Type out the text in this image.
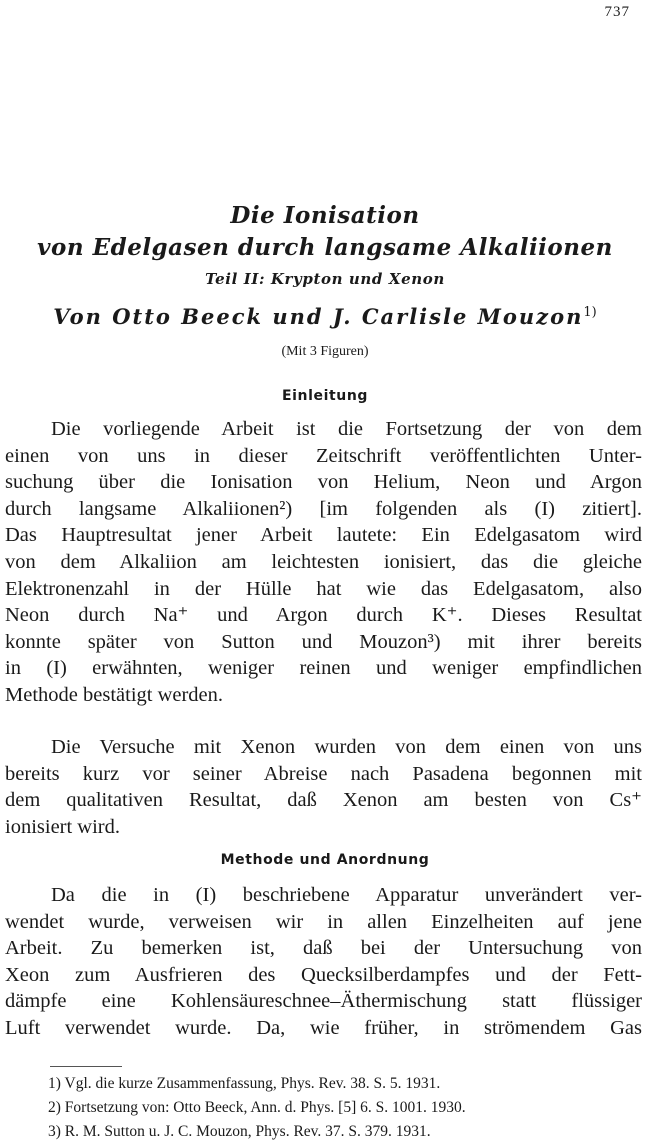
737
Die Ionisation
von Edelgasen durch langsame Alkaliionen
Teil II: Krypton und Xenon
Von Otto Beeck und J. Carlisle Mouzon$^{1)}$
(Mit 3 Figuren)
Einleitung
Die vorliegende Arbeit ist die Fortsetzung der von dem
einen von uns in dieser Zeitschrift veröffentlichten Unter-
suchung über die Ionisation von Helium, Neon und Argon
durch langsame Alkaliionen²) [im folgenden als (I) zitiert].
Das Hauptresultat jener Arbeit lautete: Ein Edelgasatom wird
von dem Alkaliion am leichtesten ionisiert, das die gleiche
Elektronenzahl in der Hülle hat wie das Edelgasatom, also
Neon durch Na⁺ und Argon durch K⁺. Dieses Resultat
konnte später von Sutton und Mouzon³) mit ihrer bereits
in (I) erwähnten, weniger reinen und weniger empfindlichen
Methode bestätigt werden.
Die Versuche mit Xenon wurden von dem einen von uns
bereits kurz vor seiner Abreise nach Pasadena begonnen mit
dem qualitativen Resultat, daß Xenon am besten von Cs⁺
ionisiert wird.
Methode und Anordnung
Da die in (I) beschriebene Apparatur unverändert ver-
wendet wurde, verweisen wir in allen Einzelheiten auf jene
Arbeit. Zu bemerken ist, daß bei der Untersuchung von
Xeon zum Ausfrieren des Quecksilberdampfes und der Fett-
dämpfe eine Kohlensäureschnee–Äthermischung statt flüssiger
Luft verwendet wurde. Da, wie früher, in strömendem Gas
1) Vgl. die kurze Zusammenfassung, Phys. Rev. 38. S. 5. 1931.
2) Fortsetzung von: Otto Beeck, Ann. d. Phys. [5] 6. S. 1001. 1930.
3) R. M. Sutton u. J. C. Mouzon, Phys. Rev. 37. S. 379. 1931.
